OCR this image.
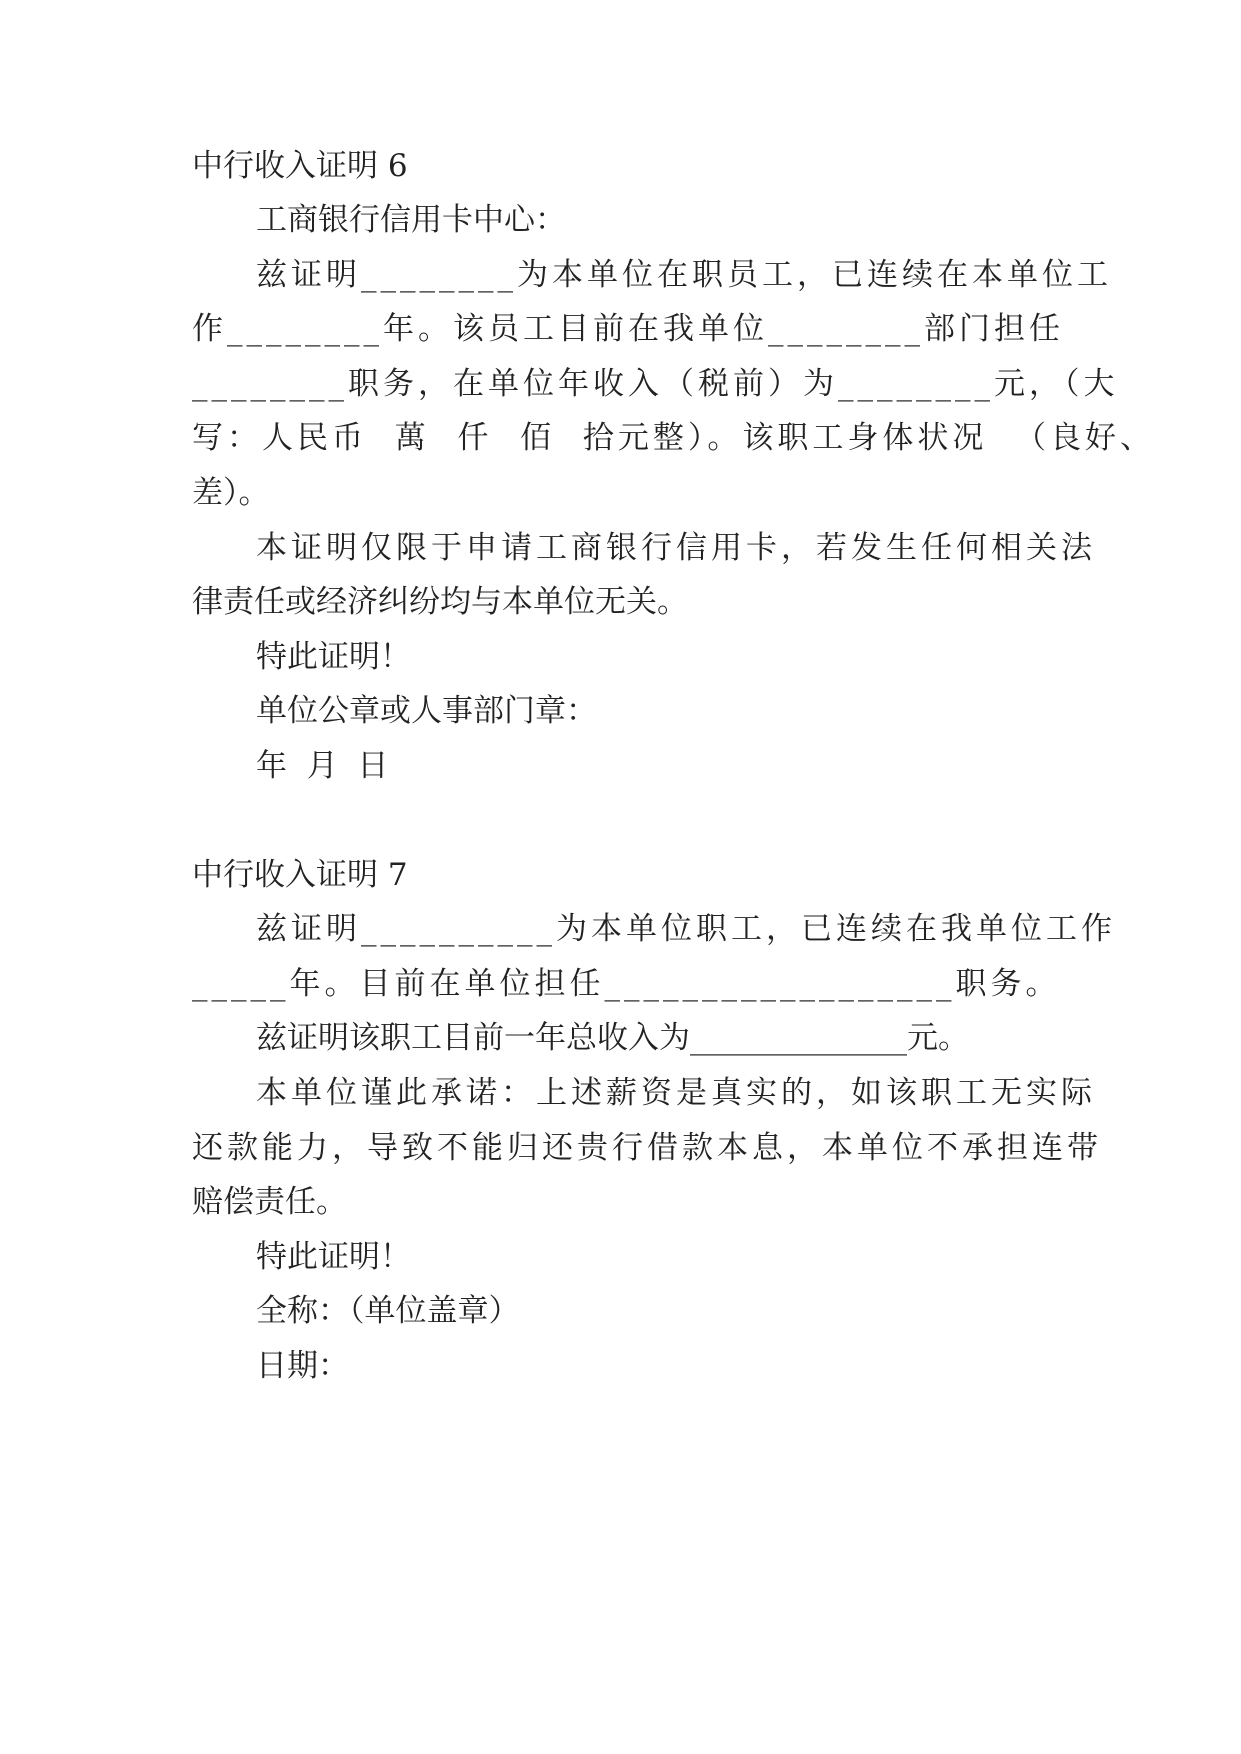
中行收入证明 6
工商银行信用卡中心：
兹证明________为本单位在职员工，已连续在本单位工
作________年。该员工目前在我单位________部门担任
________职务，在单位年收入（税前）为________元，（大
写：人民币  萬  仟  佰  拾元整）。该职工身体状况  （良好、
差）。
本证明仅限于申请工商银行信用卡，若发生任何相关法
律责任或经济纠纷均与本单位无关。
特此证明！
单位公章或人事部门章：
年  月  日
中行收入证明 7
兹证明__________为本单位职工，已连续在我单位工作
_____年。目前在单位担任__________________职务。
兹证明该职工目前一年总收入为______________元。
本单位谨此承诺：上述薪资是真实的，如该职工无实际
还款能力，导致不能归还贵行借款本息，本单位不承担连带
赔偿责任。
特此证明！
全称：（单位盖章）
日期：
